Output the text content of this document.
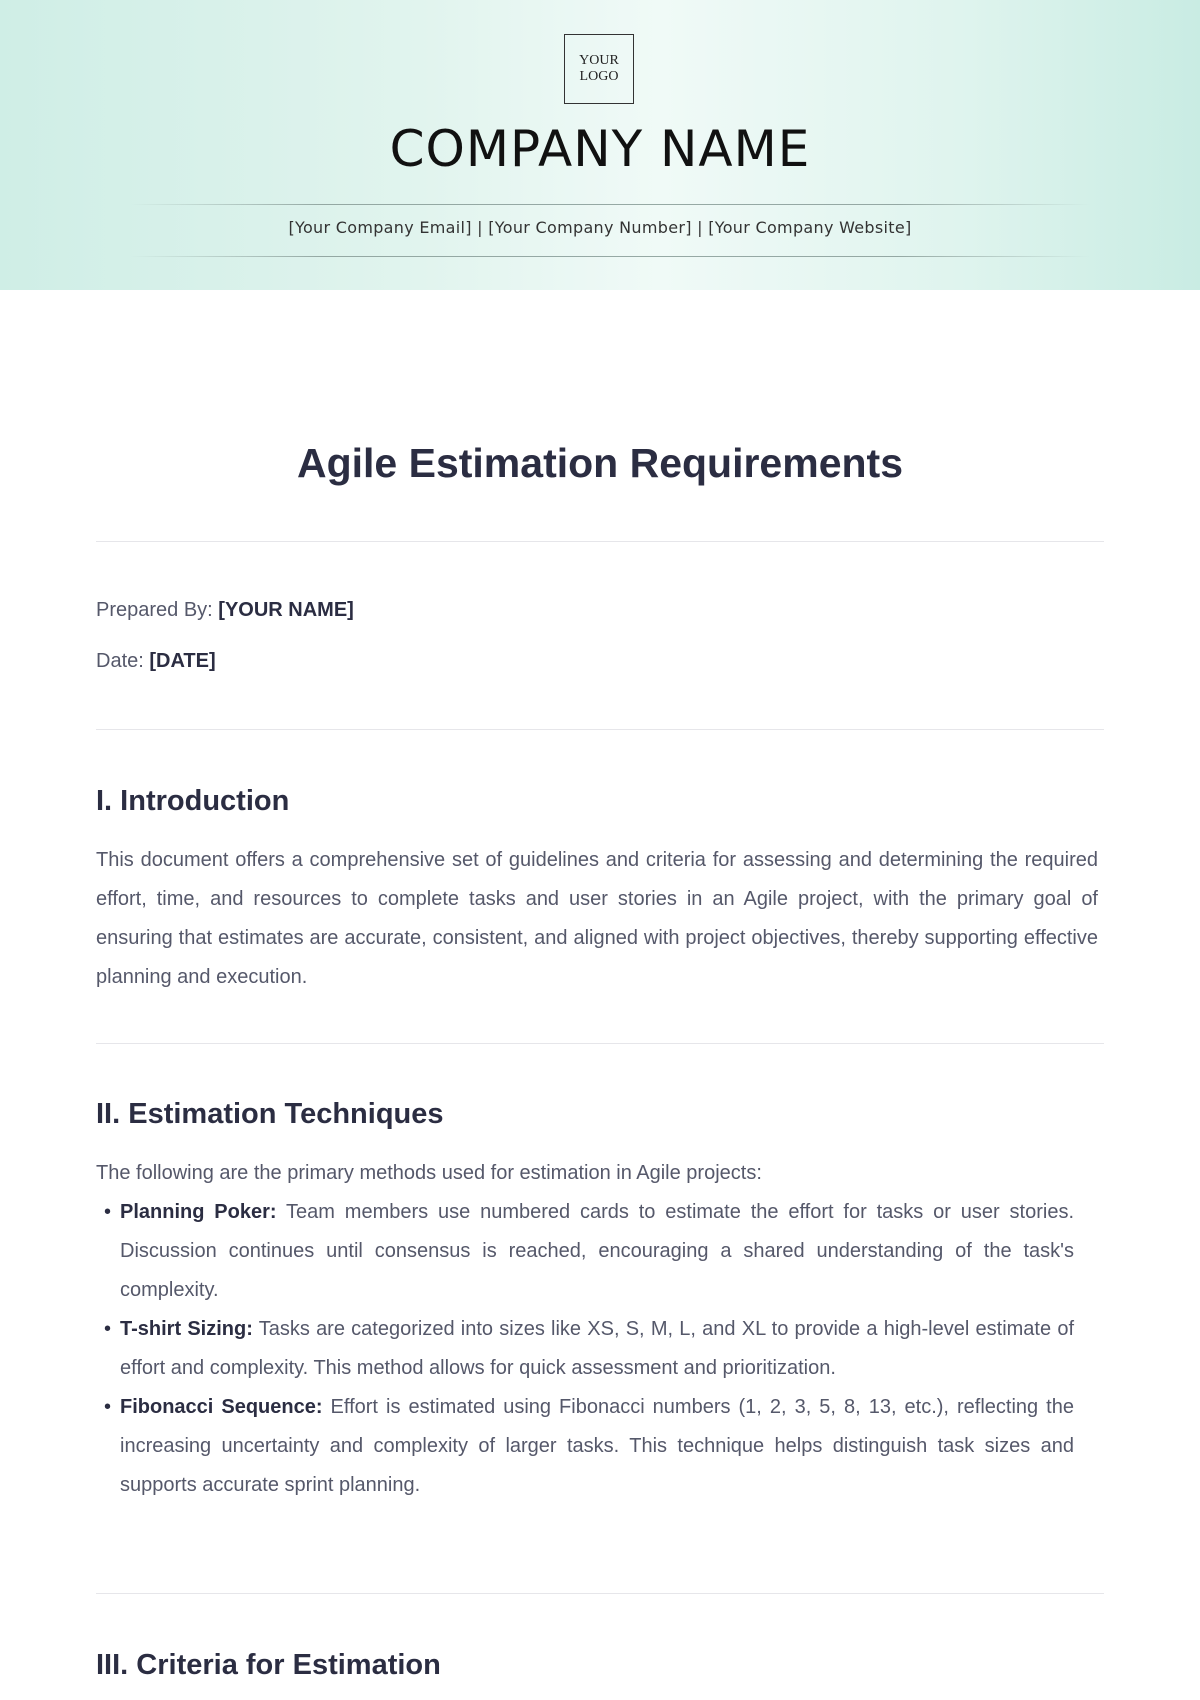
YOUR
LOGO
COMPANY NAME
[Your Company Email] | [Your Company Number] | [Your Company Website]
Agile Estimation Requirements
Prepared By: [YOUR NAME]
Date: [DATE]
I. Introduction
This document offers a comprehensive set of guidelines and criteria for assessing and determining the required effort, time, and resources to complete tasks and user stories in an Agile project, with the primary goal of ensuring that estimates are accurate, consistent, and aligned with project objectives, thereby supporting effective planning and execution.
II. Estimation Techniques
The following are the primary methods used for estimation in Agile projects:
• Planning Poker: Team members use numbered cards to estimate the effort for tasks or user stories. Discussion continues until consensus is reached, encouraging a shared understanding of the task's complexity.
• T-shirt Sizing: Tasks are categorized into sizes like XS, S, M, L, and XL to provide a high-level estimate of effort and complexity. This method allows for quick assessment and prioritization.
• Fibonacci Sequence: Effort is estimated using Fibonacci numbers (1, 2, 3, 5, 8, 13, etc.), reflecting the increasing uncertainty and complexity of larger tasks. This technique helps distinguish task sizes and supports accurate sprint planning.
III. Criteria for Estimation
